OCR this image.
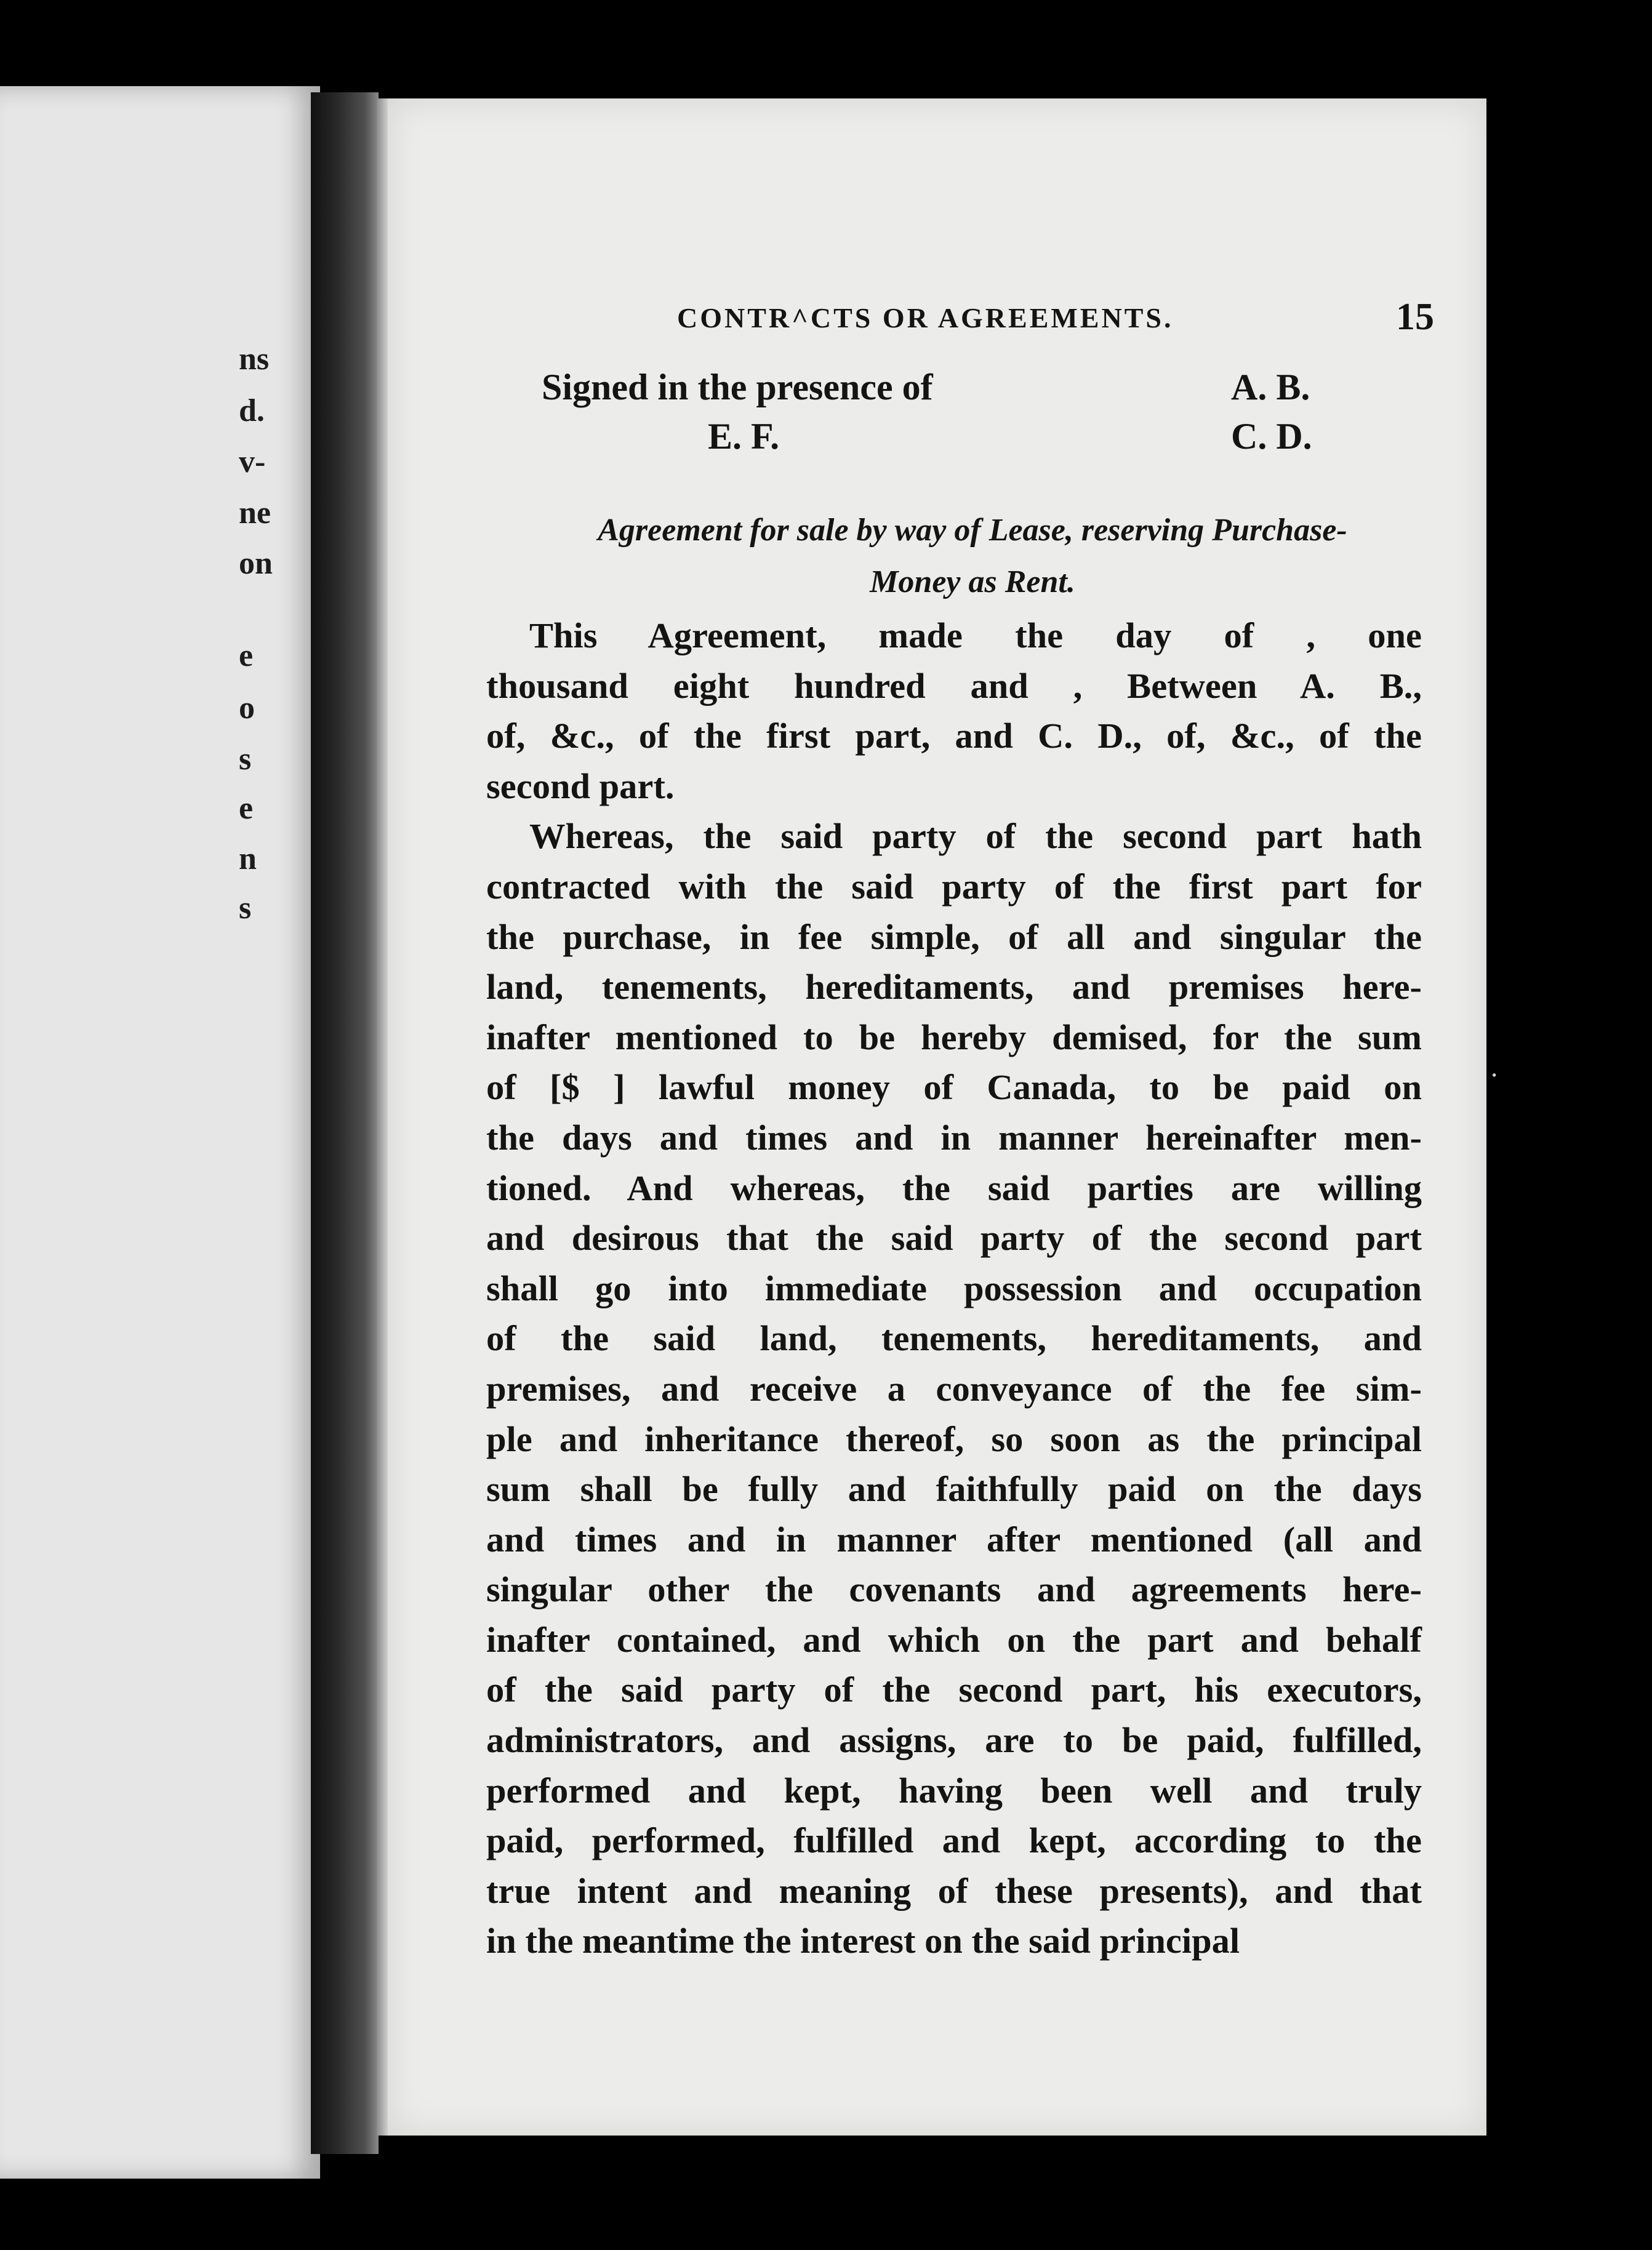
ns
d.
v-
ne
on
e
o
s
e
n
s
CONTR^CTS OR AGREEMENTS.	15
Signed in the presence of
E. F.
A. B.
C. D.
Agreement for sale by way of Lease, reserving Purchase-
Money as Rent.
This Agreement, made the day of , one
thousand eight hundred and , Between A. B.,
of, &c., of the first part, and C. D., of, &c., of the
second part.
Whereas, the said party of the second part hath
contracted with the said party of the first part for
the purchase, in fee simple, of all and singular the
land, tenements, hereditaments, and premises here-
inafter mentioned to be hereby demised, for the sum
of [$ ] lawful money of Canada, to be paid on
the days and times and in manner hereinafter men-
tioned. And whereas, the said parties are willing
and desirous that the said party of the second part
shall go into immediate possession and occupation
of the said land, tenements, hereditaments, and
premises, and receive a conveyance of the fee sim-
ple and inheritance thereof, so soon as the principal
sum shall be fully and faithfully paid on the days
and times and in manner after mentioned (all and
singular other the covenants and agreements here-
inafter contained, and which on the part and behalf
of the said party of the second part, his executors,
administrators, and assigns, are to be paid, fulfilled,
performed and kept, having been well and truly
paid, performed, fulfilled and kept, according to the
true intent and meaning of these presents), and that
in the meantime the interest on the said principal
·
